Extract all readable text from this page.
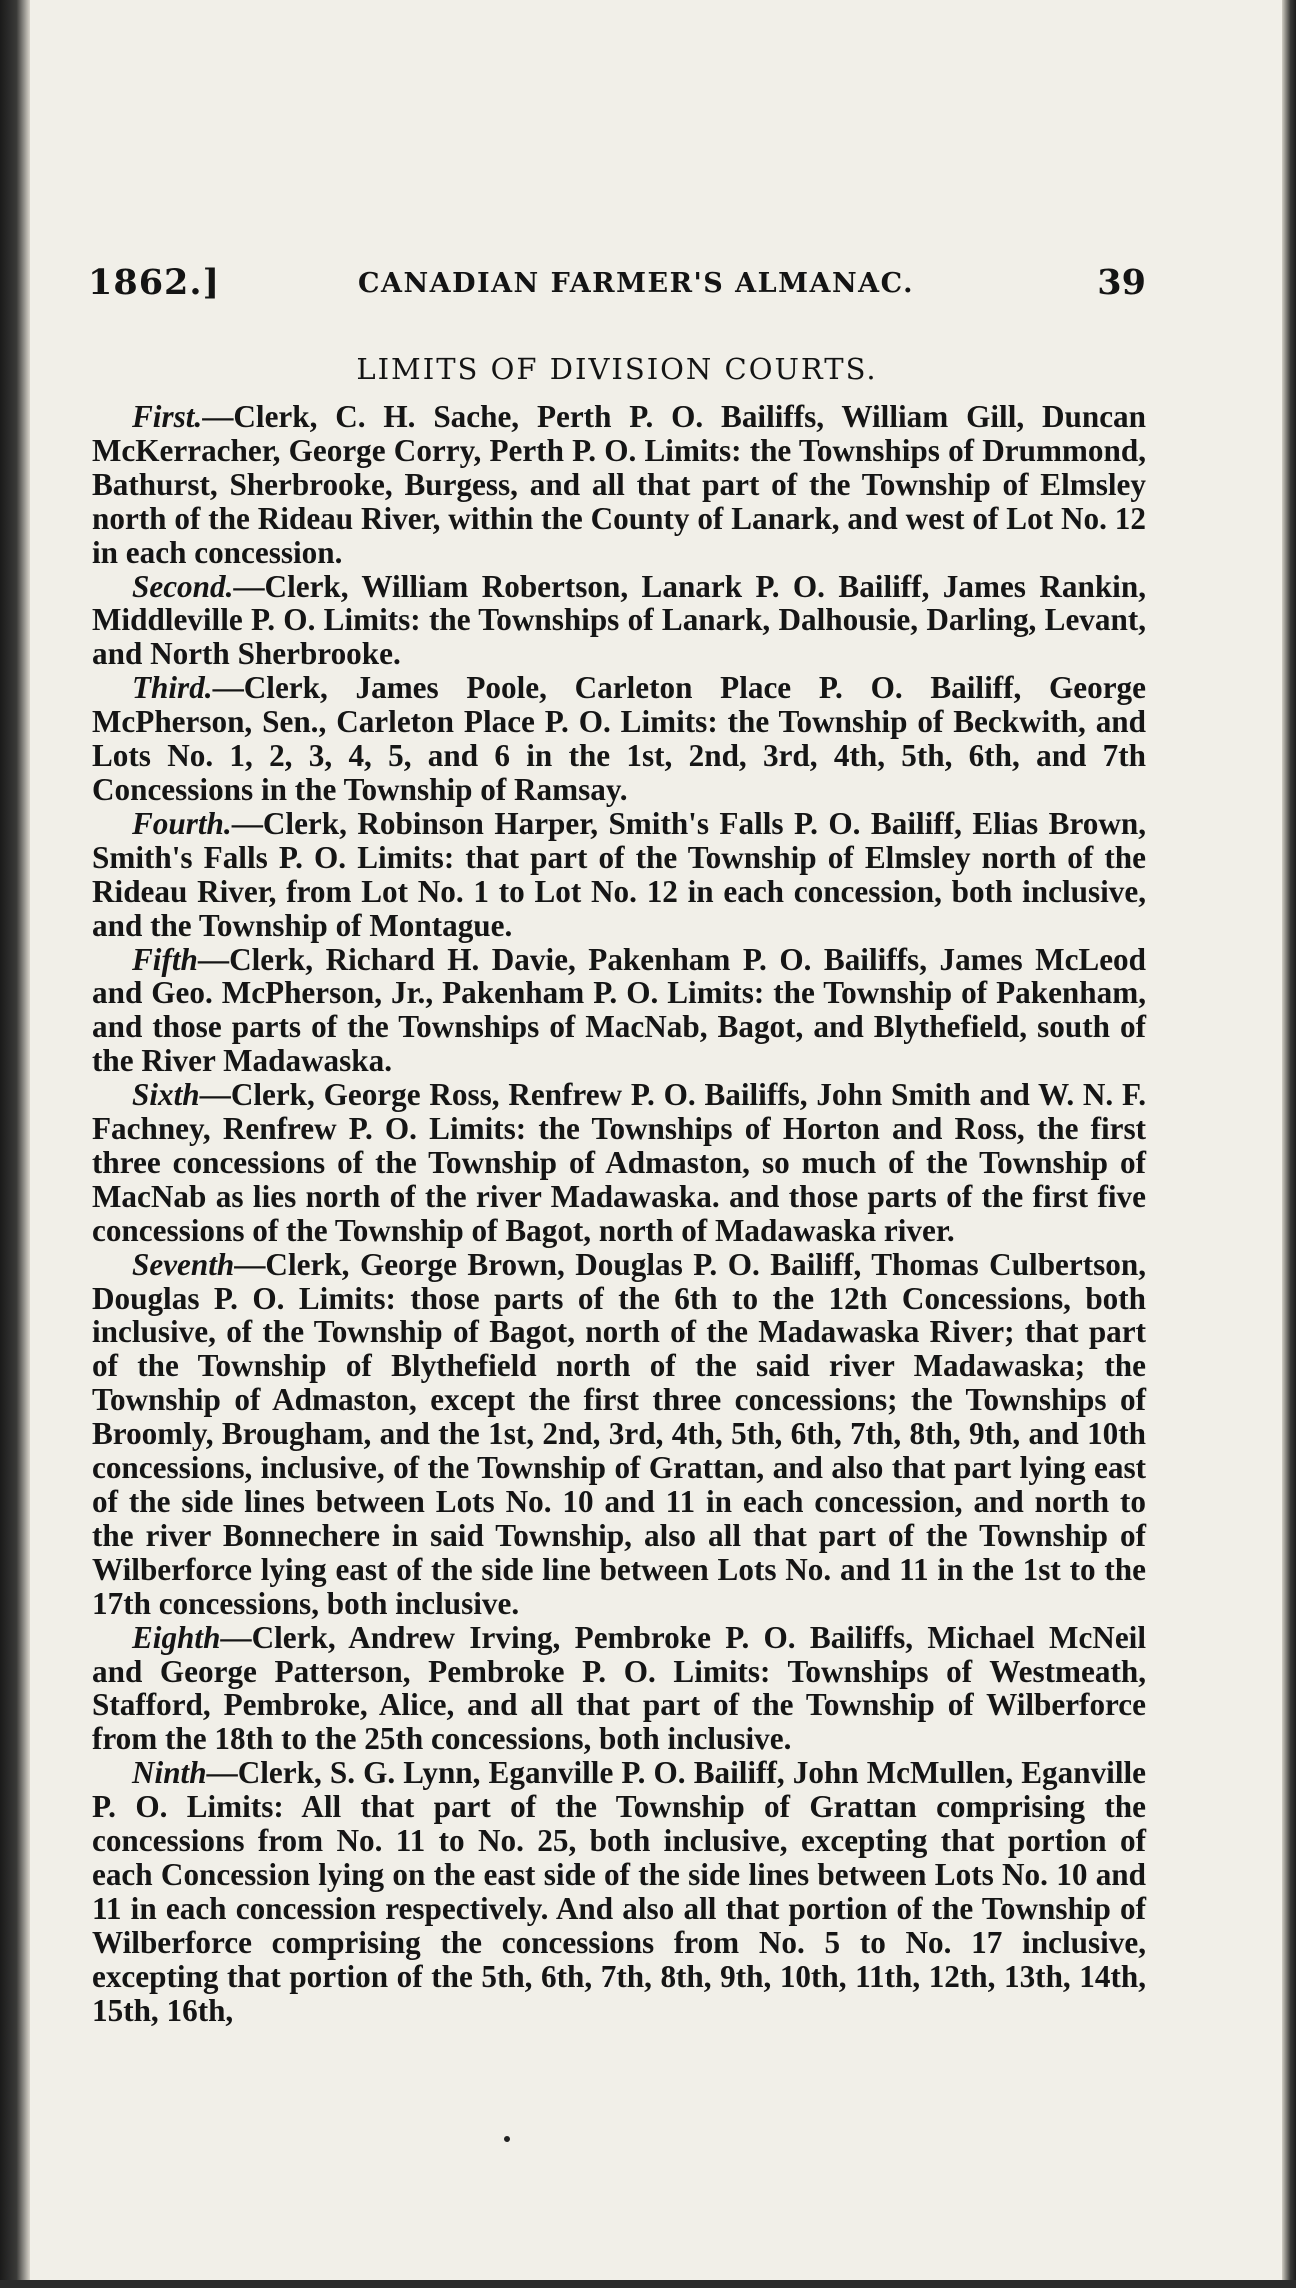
1862.]	CANADIAN FARMER'S ALMANAC.	39
LIMITS OF DIVISION COURTS.

First.—Clerk, C. H. Sache, Perth P. O. Bailiffs, William Gill, Duncan McKerracher, George Corry, Perth P. O. Limits: the Townships of Drummond, Bathurst, Sherbrooke, Burgess, and all that part of the Township of Elmsley north of the Rideau River, within the County of Lanark, and west of Lot No. 12 in each concession.

Second.—Clerk, William Robertson, Lanark P. O. Bailiff, James Rankin, Middleville P. O. Limits: the Townships of Lanark, Dalhousie, Darling, Levant, and North Sherbrooke.

Third.—Clerk, James Poole, Carleton Place P. O. Bailiff, George McPherson, Sen., Carleton Place P. O. Limits: the Township of Beckwith, and Lots No. 1, 2, 3, 4, 5, and 6 in the 1st, 2nd, 3rd, 4th, 5th, 6th, and 7th Concessions in the Township of Ramsay.

Fourth.—Clerk, Robinson Harper, Smith's Falls P. O. Bailiff, Elias Brown, Smith's Falls P. O. Limits: that part of the Township of Elmsley north of the Rideau River, from Lot No. 1 to Lot No. 12 in each concession, both inclusive, and the Township of Montague.

Fifth—Clerk, Richard H. Davie, Pakenham P. O. Bailiffs, James McLeod and Geo. McPherson, Jr., Pakenham P. O. Limits: the Township of Pakenham, and those parts of the Townships of MacNab, Bagot, and Blythefield, south of the River Madawaska.

Sixth—Clerk, George Ross, Renfrew P. O. Bailiffs, John Smith and W. N. F. Fachney, Renfrew P. O. Limits: the Townships of Horton and Ross, the first three concessions of the Township of Admaston, so much of the Township of MacNab as lies north of the river Madawaska. and those parts of the first five concessions of the Township of Bagot, north of Madawaska river.

Seventh—Clerk, George Brown, Douglas P. O. Bailiff, Thomas Culbertson, Douglas P. O. Limits: those parts of the 6th to the 12th Concessions, both inclusive, of the Township of Bagot, north of the Madawaska River; that part of the Township of Blythefield north of the said river Madawaska; the Township of Admaston, except the first three concessions; the Townships of Broomly, Brougham, and the 1st, 2nd, 3rd, 4th, 5th, 6th, 7th, 8th, 9th, and 10th concessions, inclusive, of the Township of Grattan, and also that part lying east of the side lines between Lots No. 10 and 11 in each concession, and north to the river Bonnechere in said Township, also all that part of the Township of Wilberforce lying east of the side line between Lots No. and 11 in the 1st to the 17th concessions, both inclusive.

Eighth—Clerk, Andrew Irving, Pembroke P. O. Bailiffs, Michael McNeil and George Patterson, Pembroke P. O. Limits: Townships of Westmeath, Stafford, Pembroke, Alice, and all that part of the Township of Wilberforce from the 18th to the 25th concessions, both inclusive.

Ninth—Clerk, S. G. Lynn, Eganville P. O. Bailiff, John McMullen, Eganville P. O. Limits: All that part of the Township of Grattan comprising the concessions from No. 11 to No. 25, both inclusive, excepting that portion of each Concession lying on the east side of the side lines between Lots No. 10 and 11 in each concession respectively. And also all that portion of the Township of Wilberforce comprising the concessions from No. 5 to No. 17 inclusive, excepting that portion of the 5th, 6th, 7th, 8th, 9th, 10th, 11th, 12th, 13th, 14th, 15th, 16th,
